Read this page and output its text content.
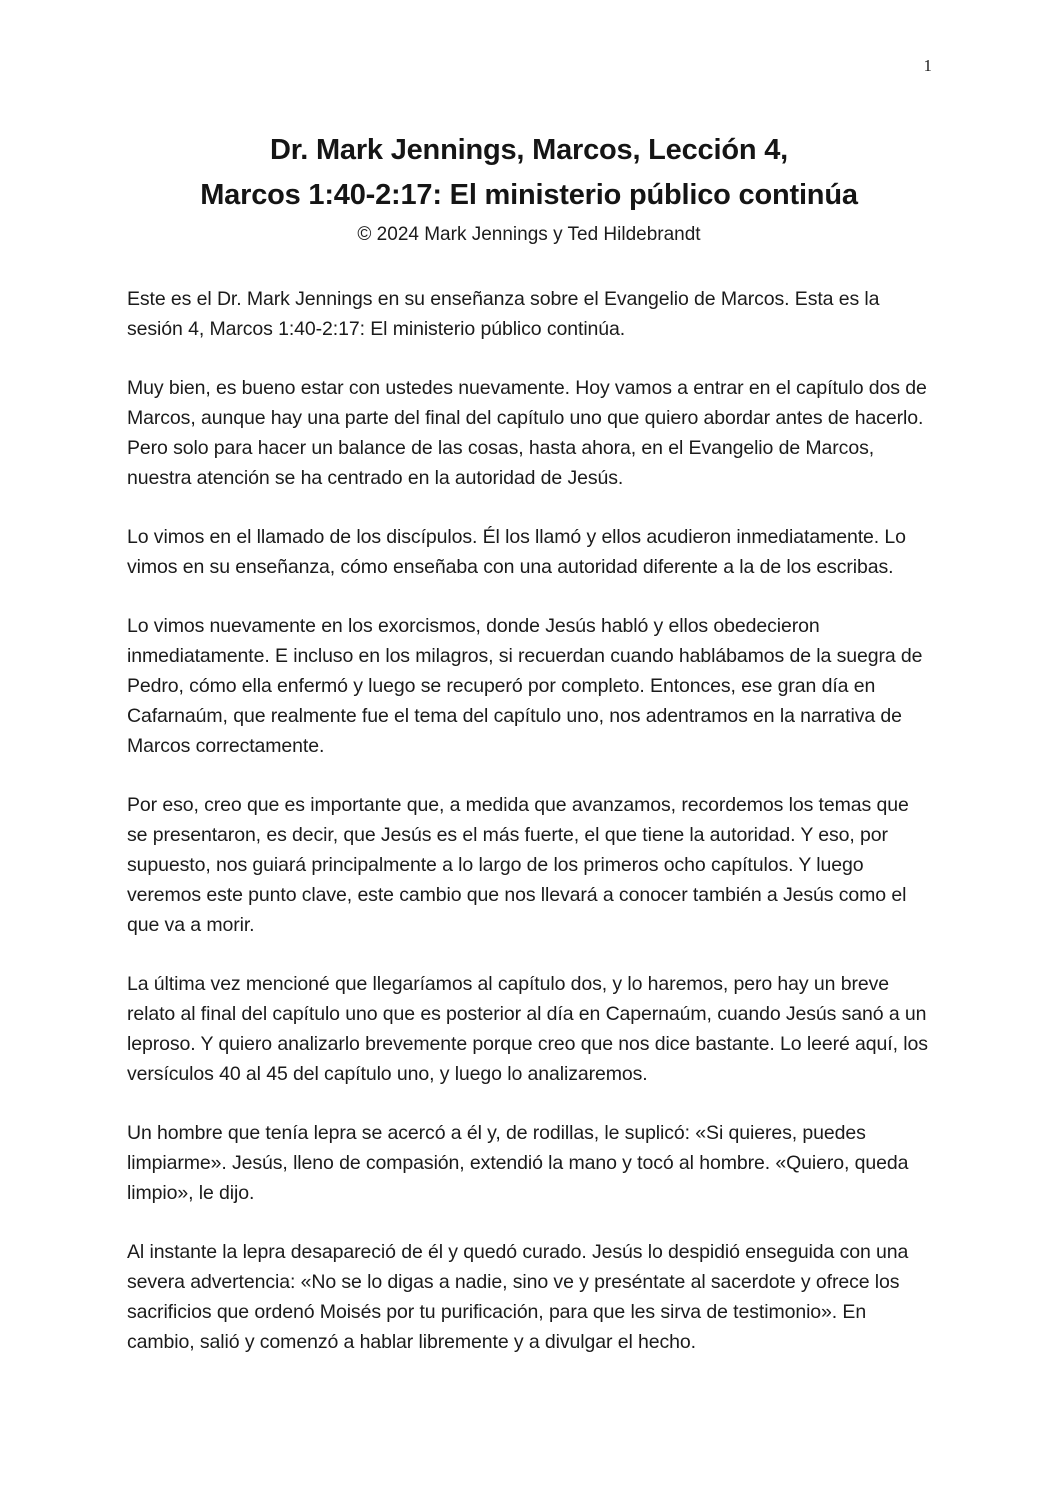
1
Dr. Mark Jennings, Marcos, Lección 4,
Marcos 1:40-2:17: El ministerio público continúa

© 2024 Mark Jennings y Ted Hildebrandt

Este es el Dr. Mark Jennings en su enseñanza sobre el Evangelio de Marcos. Esta es la sesión 4, Marcos 1:40-2:17: El ministerio público continúa.

Muy bien, es bueno estar con ustedes nuevamente. Hoy vamos a entrar en el capítulo dos de Marcos, aunque hay una parte del final del capítulo uno que quiero abordar antes de hacerlo. Pero solo para hacer un balance de las cosas, hasta ahora, en el Evangelio de Marcos, nuestra atención se ha centrado en la autoridad de Jesús.

Lo vimos en el llamado de los discípulos. Él los llamó y ellos acudieron inmediatamente. Lo vimos en su enseñanza, cómo enseñaba con una autoridad diferente a la de los escribas.

Lo vimos nuevamente en los exorcismos, donde Jesús habló y ellos obedecieron inmediatamente. E incluso en los milagros, si recuerdan cuando hablábamos de la suegra de Pedro, cómo ella enfermó y luego se recuperó por completo. Entonces, ese gran día en Cafarnaúm, que realmente fue el tema del capítulo uno, nos adentramos en la narrativa de Marcos correctamente.

Por eso, creo que es importante que, a medida que avanzamos, recordemos los temas que se presentaron, es decir, que Jesús es el más fuerte, el que tiene la autoridad. Y eso, por supuesto, nos guiará principalmente a lo largo de los primeros ocho capítulos. Y luego veremos este punto clave, este cambio que nos llevará a conocer también a Jesús como el que va a morir.

La última vez mencioné que llegaríamos al capítulo dos, y lo haremos, pero hay un breve relato al final del capítulo uno que es posterior al día en Capernaúm, cuando Jesús sanó a un leproso. Y quiero analizarlo brevemente porque creo que nos dice bastante. Lo leeré aquí, los versículos 40 al 45 del capítulo uno, y luego lo analizaremos.

Un hombre que tenía lepra se acercó a él y, de rodillas, le suplicó: «Si quieres, puedes limpiarme». Jesús, lleno de compasión, extendió la mano y tocó al hombre. «Quiero, queda limpio», le dijo.

Al instante la lepra desapareció de él y quedó curado. Jesús lo despidió enseguida con una severa advertencia: «No se lo digas a nadie, sino ve y preséntate al sacerdote y ofrece los sacrificios que ordenó Moisés por tu purificación, para que les sirva de testimonio». En cambio, salió y comenzó a hablar libremente y a divulgar el hecho.
